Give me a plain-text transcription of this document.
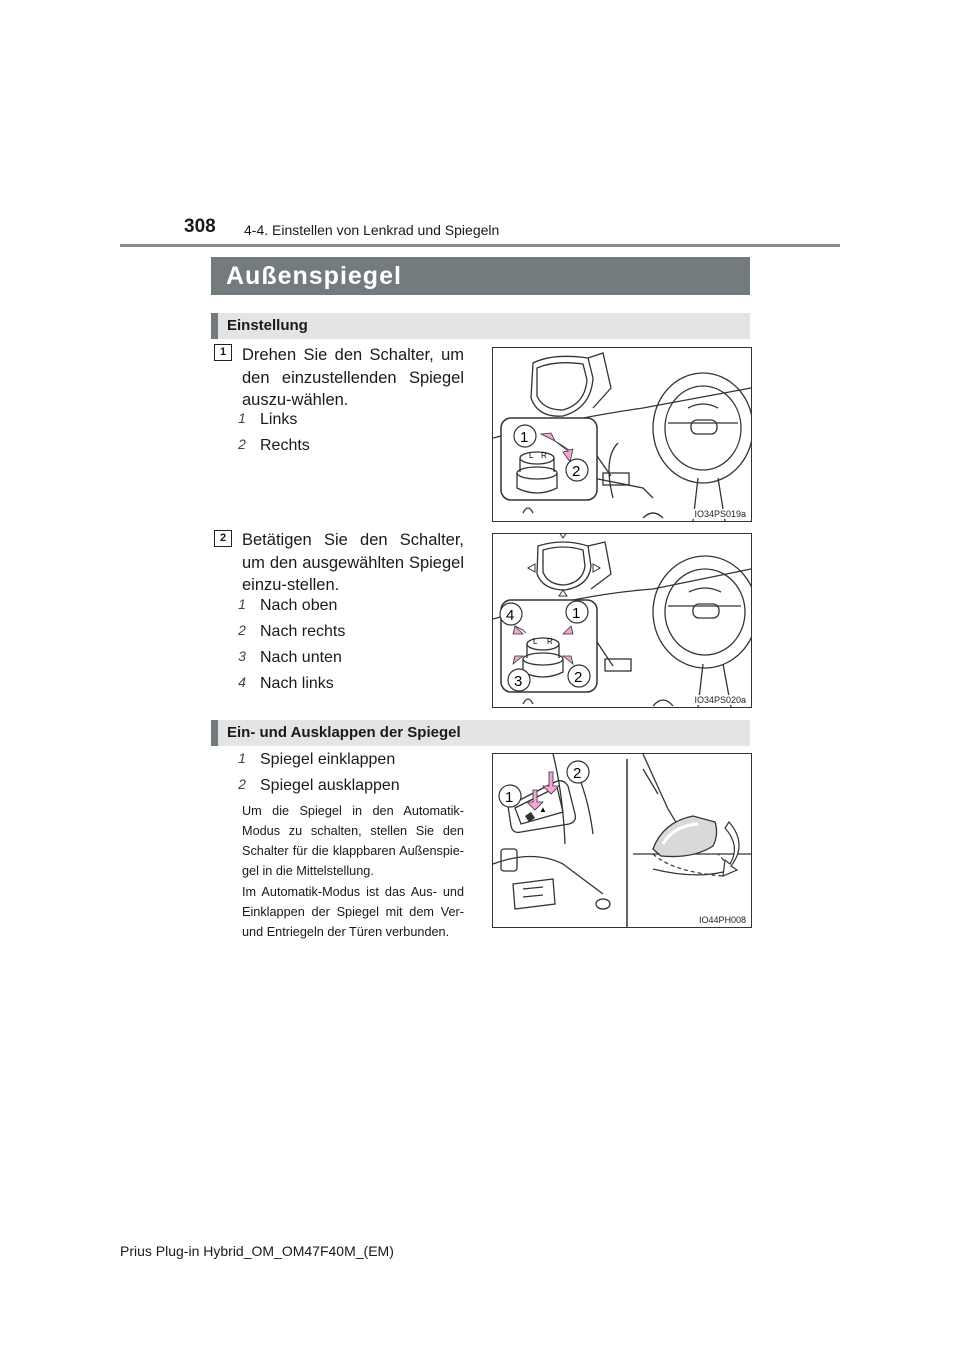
308 4-4. Einstellen von Lenkrad und Spiegeln
Außenspiegel
Einstellung
1 Drehen Sie den Schalter, um den einzustellenden Spiegel auszu-wählen.
1 Links
2 Rechts
L R
1
2
IO34PS019a
2 Betätigen Sie den Schalter, um den ausgewählten Spiegel einzu-stellen.
1 Nach oben
2 Nach rechts
3 Nach unten
4 Nach links
L R
4	1
3	2
IO34PS020a
Ein- und Ausklappen der Spiegel
1 Spiegel einklappen
2 Spiegel ausklappen
Um die Spiegel in den Automatik-Modus zu schalten, stellen Sie den Schalter für die klappbaren Außenspie-gel in die Mittelstellung.
Im Automatik-Modus ist das Aus- und Einklappen der Spiegel mit dem Ver- und Entriegeln der Türen verbunden.
▲
1
2
IO44PH008
Prius Plug-in Hybrid_OM_OM47F40M_(EM)
